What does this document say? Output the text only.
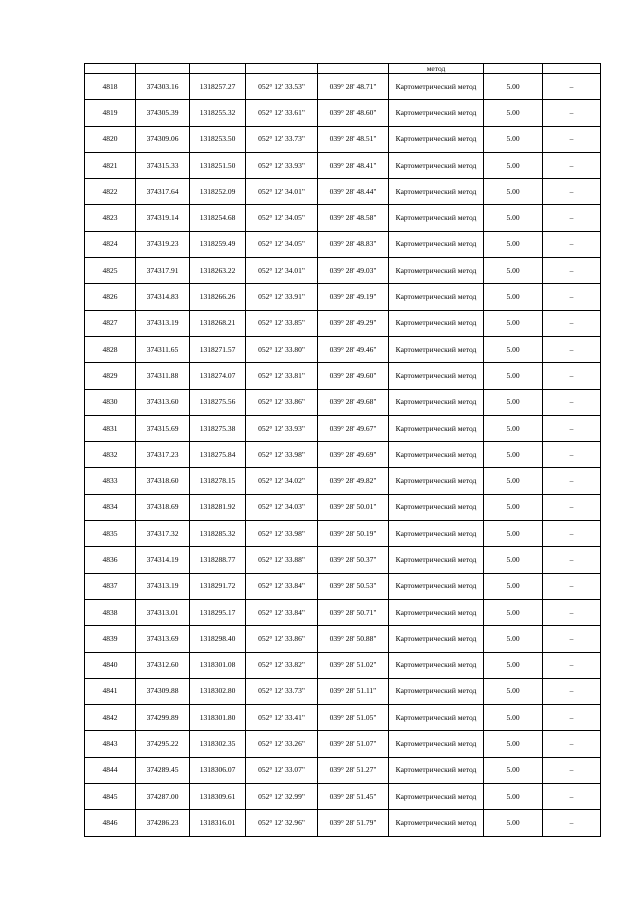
					метод		
4818	374303.16	1318257.27	052° 12' 33.53"	039° 28' 48.71"	Картометрический метод	5.00	–
4819	374305.39	1318255.32	052° 12' 33.61"	039° 28' 48.60"	Картометрический метод	5.00	–
4820	374309.06	1318253.50	052° 12' 33.73"	039° 28' 48.51"	Картометрический метод	5.00	–
4821	374315.33	1318251.50	052° 12' 33.93"	039° 28' 48.41"	Картометрический метод	5.00	–
4822	374317.64	1318252.09	052° 12' 34.01"	039° 28' 48.44"	Картометрический метод	5.00	–
4823	374319.14	1318254.68	052° 12' 34.05"	039° 28' 48.58"	Картометрический метод	5.00	–
4824	374319.23	1318259.49	052° 12' 34.05"	039° 28' 48.83"	Картометрический метод	5.00	–
4825	374317.91	1318263.22	052° 12' 34.01"	039° 28' 49.03"	Картометрический метод	5.00	–
4826	374314.83	1318266.26	052° 12' 33.91"	039° 28' 49.19"	Картометрический метод	5.00	–
4827	374313.19	1318268.21	052° 12' 33.85"	039° 28' 49.29"	Картометрический метод	5.00	–
4828	374311.65	1318271.57	052° 12' 33.80"	039° 28' 49.46"	Картометрический метод	5.00	–
4829	374311.88	1318274.07	052° 12' 33.81"	039° 28' 49.60"	Картометрический метод	5.00	–
4830	374313.60	1318275.56	052° 12' 33.86"	039° 28' 49.68"	Картометрический метод	5.00	–
4831	374315.69	1318275.38	052° 12' 33.93"	039° 28' 49.67"	Картометрический метод	5.00	–
4832	374317.23	1318275.84	052° 12' 33.98"	039° 28' 49.69"	Картометрический метод	5.00	–
4833	374318.60	1318278.15	052° 12' 34.02"	039° 28' 49.82"	Картометрический метод	5.00	–
4834	374318.69	1318281.92	052° 12' 34.03"	039° 28' 50.01"	Картометрический метод	5.00	–
4835	374317.32	1318285.32	052° 12' 33.98"	039° 28' 50.19"	Картометрический метод	5.00	–
4836	374314.19	1318288.77	052° 12' 33.88"	039° 28' 50.37"	Картометрический метод	5.00	–
4837	374313.19	1318291.72	052° 12' 33.84"	039° 28' 50.53"	Картометрический метод	5.00	–
4838	374313.01	1318295.17	052° 12' 33.84"	039° 28' 50.71"	Картометрический метод	5.00	–
4839	374313.69	1318298.40	052° 12' 33.86"	039° 28' 50.88"	Картометрический метод	5.00	–
4840	374312.60	1318301.08	052° 12' 33.82"	039° 28' 51.02"	Картометрический метод	5.00	–
4841	374309.88	1318302.80	052° 12' 33.73"	039° 28' 51.11"	Картометрический метод	5.00	–
4842	374299.89	1318301.80	052° 12' 33.41"	039° 28' 51.05"	Картометрический метод	5.00	–
4843	374295.22	1318302.35	052° 12' 33.26"	039° 28' 51.07"	Картометрический метод	5.00	–
4844	374289.45	1318306.07	052° 12' 33.07"	039° 28' 51.27"	Картометрический метод	5.00	–
4845	374287.00	1318309.61	052° 12' 32.99"	039° 28' 51.45"	Картометрический метод	5.00	–
4846	374286.23	1318316.01	052° 12' 32.96"	039° 28' 51.79"	Картометрический метод	5.00	–
